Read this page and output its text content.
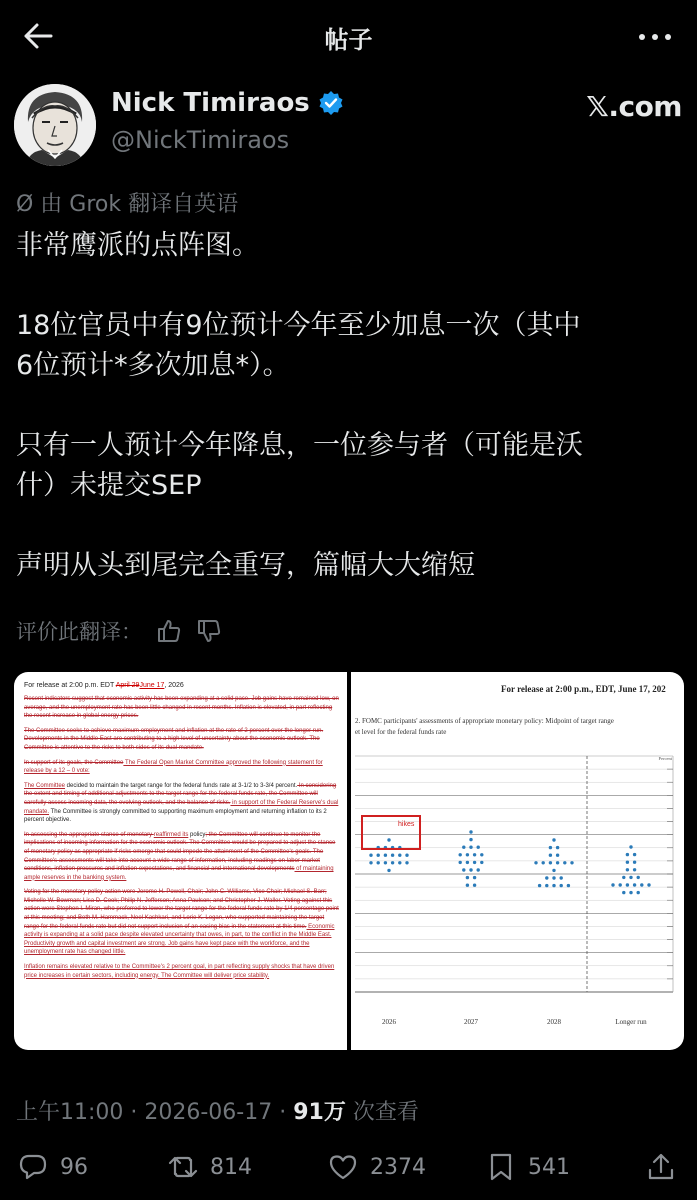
帖子
Nick Timiraos
@NickTimiraos
𝕏.com
Ø 由 Grok 翻译自英语

非常鹰派的点阵图。

18位官员中有9位预计今年至少加息一次（其中

6位预计*多次加息*）。

只有一人预计今年降息，一位参与者（可能是沃

什）未提交SEP

声明从头到尾完全重写，篇幅大大缩短

评价此翻译：
For release at 2:00 p.m. EDT April 29June 17, 2026
Recent indicators suggest that economic activity has been expanding at a solid pace. Job gains have remained low, on average, and the unemployment rate has been little changed in recent months. Inflation is elevated, in part reflecting the recent increase in global energy prices.
The Committee seeks to achieve maximum employment and inflation at the rate of 2 percent over the longer run. Developments in the Middle East are contributing to a high level of uncertainty about the economic outlook. The Committee is attentive to the risks to both sides of its dual mandate.
In support of its goals, the Committee The Federal Open Market Committee approved the following statement for release by a 12 – 0 vote:
The Committee decided to maintain the target range for the federal funds rate at 3-1/2 to 3-3/4 percent. In considering the extent and timing of additional adjustments to the target range for the federal funds rate, the Committee will carefully assess incoming data, the evolving outlook, and the balance of risks. in support of the Federal Reserve's dual mandate. The Committee is strongly committed to supporting maximum employment and returning inflation to its 2 percent objective.
In assessing the appropriate stance of monetary reaffirmed its policy; the Committee will continue to monitor the implications of incoming information for the economic outlook. The Committee would be prepared to adjust the stance of monetary policy as appropriate if risks emerge that could impede the attainment of the Committee's goals. The Committee's assessments will take into account a wide range of information, including readings on labor market conditions, inflation pressures and inflation expectations, and financial and international developments of maintaining ample reserves in the banking system.
Voting for the monetary policy action were Jerome H. Powell, Chair; John C. Williams, Vice Chair; Michael S. Barr; Michelle W. Bowman; Lisa D. Cook; Philip N. Jefferson; Anna Paulson; and Christopher J. Waller. Voting against this action were Stephen I. Miran, who preferred to lower the target range for the federal funds rate by 1/4 percentage point at this meeting; and Beth M. Hammack, Neel Kashkari, and Lorie K. Logan, who supported maintaining the target range for the federal funds rate but did not support inclusion of an easing bias in the statement at this time. Economic activity is expanding at a solid pace despite elevated uncertainty that owes, in part, to the conflict in the Middle East. Productivity growth and capital investment are strong. Job gains have kept pace with the workforce, and the unemployment rate has changed little.
Inflation remains elevated relative to the Committee's 2 percent goal, in part reflecting supply shocks that have driven price increases in certain sectors, including energy. The Committee will deliver price stability.
For release at 2:00 p.m., EDT, June 17, 202
2. FOMC participants' assessments of appropriate monetary policy: Midpoint of target range
et level for the federal funds rate
Percent
2026	2027	2028	Longer run
hikes
上午11:00 · 2026-06-17 · 91万 次查看
96	814	2374	541
